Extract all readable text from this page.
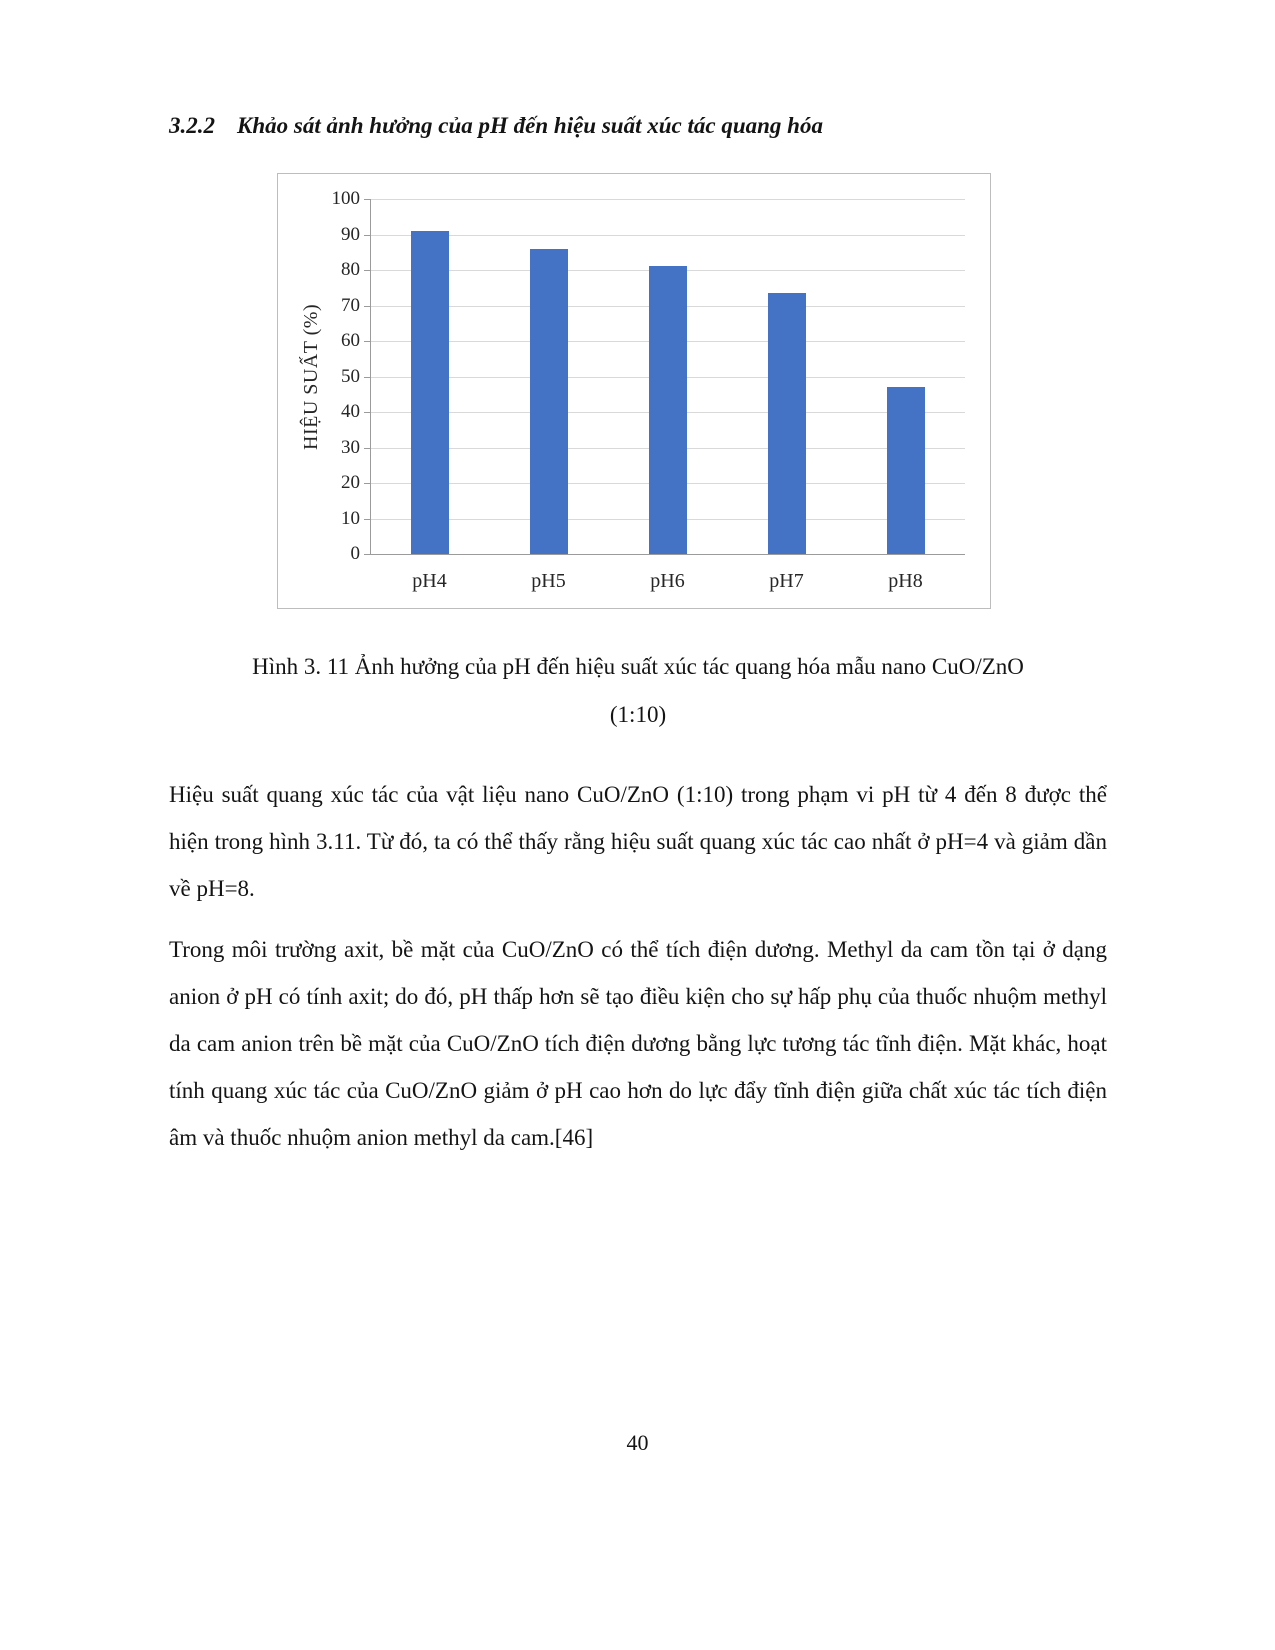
3.2.2 Khảo sát ảnh hưởng của pH đến hiệu suất xúc tác quang hóa
HIỆU SUẤT (%)
0
10
20
30
40
50
60
70
80
90
100
pH4	pH5	pH6	pH7	pH8
Hình 3. 11 Ảnh hưởng của pH đến hiệu suất xúc tác quang hóa mẫu nano CuO/ZnO
(1:10)

Hiệu suất quang xúc tác của vật liệu nano CuO/ZnO (1:10) trong phạm vi pH từ 4 đến 8 được thể hiện trong hình 3.11. Từ đó, ta có thể thấy rằng hiệu suất quang xúc tác cao nhất ở pH=4 và giảm dần về pH=8.

Trong môi trường axit, bề mặt của CuO/ZnO có thể tích điện dương. Methyl da cam tồn tại ở dạng anion ở pH có tính axit; do đó, pH thấp hơn sẽ tạo điều kiện cho sự hấp phụ của thuốc nhuộm methyl da cam anion trên bề mặt của CuO/ZnO tích điện dương bằng lực tương tác tĩnh điện. Mặt khác, hoạt tính quang xúc tác của CuO/ZnO giảm ở pH cao hơn do lực đẩy tĩnh điện giữa chất xúc tác tích điện âm và thuốc nhuộm anion methyl da cam.[46]

40
